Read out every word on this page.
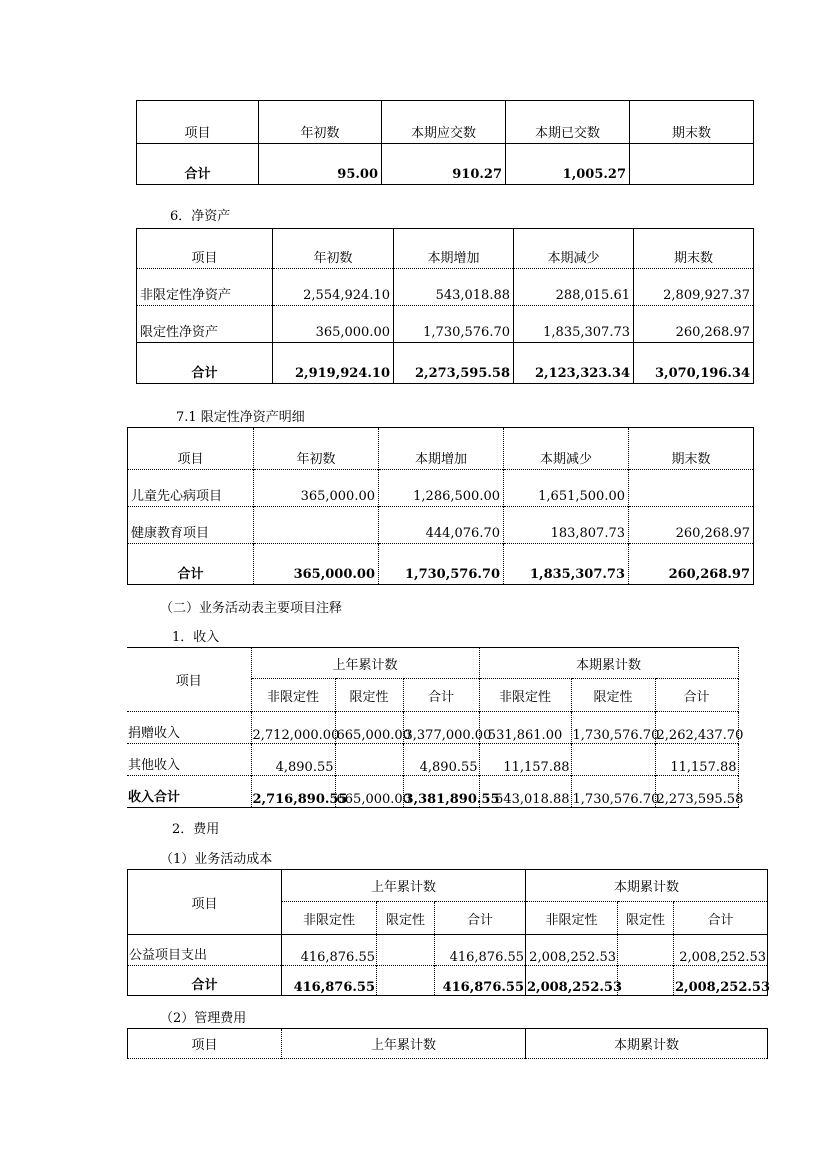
项目	年初数	本期应交数	本期已交数	期末数
合计	95.00	910.27	1,005.27	
6．净资产
项目	年初数	本期增加	本期减少	期末数
非限定性净资产	2,554,924.10	543,018.88	288,015.61	2,809,927.37
限定性净资产	365,000.00	1,730,576.70	1,835,307.73	260,268.97
合计	2,919,924.10	2,273,595.58	2,123,323.34	3,070,196.34
7.1 限定性净资产明细
项目	年初数	本期增加	本期减少	期末数
儿童先心病项目	365,000.00	1,286,500.00	1,651,500.00	
健康教育项目		444,076.70	183,807.73	260,268.97
合计	365,000.00	1,730,576.70	1,835,307.73	260,268.97
（二）业务活动表主要项目注释
1．收入
项目	上年累计数			本期累计数		
	非限定性	限定性	合计	非限定性	限定性	合计
捐赠收入	2,712,000.00	665,000.00	3,377,000.00	531,861.00	1,730,576.70	2,262,437.70
其他收入	4,890.55		4,890.55	11,157.88		11,157.88
收入合计	2,716,890.55	665,000.00	3,381,890.55	543,018.88	1,730,576.70	2,273,595.58
2．费用
（1）业务活动成本
项目	上年累计数			本期累计数		
	非限定性	限定性	合计	非限定性	限定性	合计
公益项目支出	416,876.55		416,876.55	2,008,252.53		2,008,252.53
合计	416,876.55		416,876.55	2,008,252.53		2,008,252.53
（2）管理费用
项目	上年累计数	本期累计数
